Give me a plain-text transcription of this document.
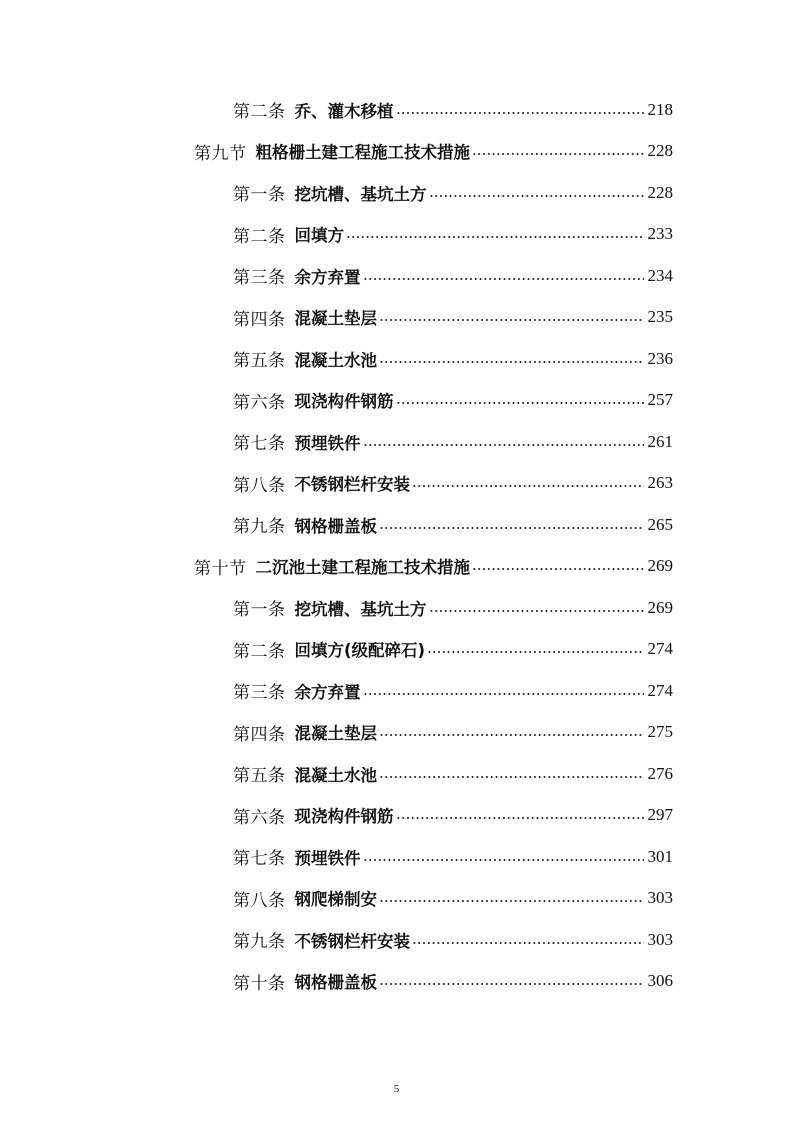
第二条 乔、灌木移植	218
第九节 粗格栅土建工程施工技术措施	228
第一条 挖坑槽、基坑土方	228
第二条 回填方	233
第三条 余方弃置	234
第四条 混凝土垫层	235
第五条 混凝土水池	236
第六条 现浇构件钢筋	257
第七条 预埋铁件	261
第八条 不锈钢栏杆安装	263
第九条 钢格栅盖板	265
第十节 二沉池土建工程施工技术措施	269
第一条 挖坑槽、基坑土方	269
第二条 回填方(级配碎石)	274
第三条 余方弃置	274
第四条 混凝土垫层	275
第五条 混凝土水池	276
第六条 现浇构件钢筋	297
第七条 预埋铁件	301
第八条 钢爬梯制安	303
第九条 不锈钢栏杆安装	303
第十条 钢格栅盖板	306
5
